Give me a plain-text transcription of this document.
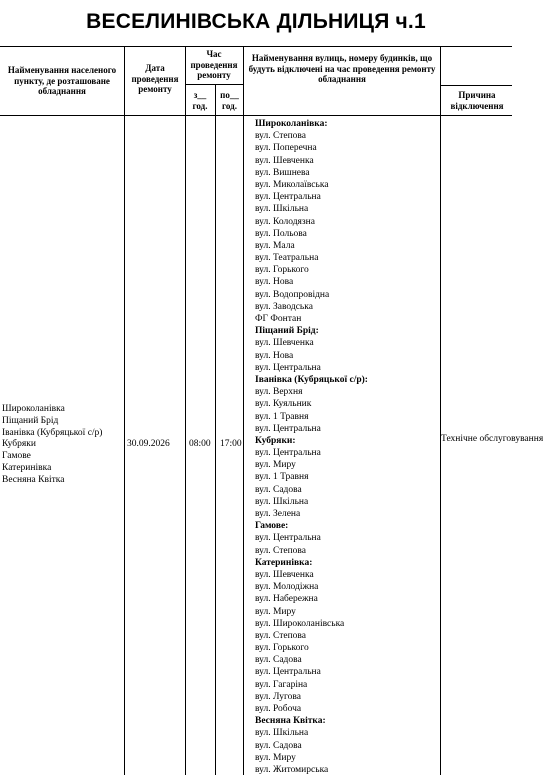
ВЕСЕЛИНІВСЬКА ДІЛЬНИЦЯ ч.1
Найменування населеного пункту, де розташоване обладнання
Дата проведення ремонту
Час проведення ремонту
з__ год.
по__ год.
Найменування вулиць, номеру будинків, що будуть відключені на час проведення ремонту обладнання
Причина відключення
Широколанівка
Піщаний Брід
Іванівка (Кубряцької с/р)
Кубряки
Гамове
Катеринівка
Весняна Квітка
30.09.2026 08:00 17:00	Технічне обслуговування
Широколанівка:
вул. Степова
вул. Поперечна
вул. Шевченка
вул. Вишнева
вул. Миколаївська
вул. Центральна
вул. Шкільна
вул. Колодязна
вул. Польова
вул. Мала
вул. Театральна
вул. Горького
вул. Нова
вул. Водопровідна
вул. Заводська
ФГ Фонтан
Піщаний Брід:
вул. Шевченка
вул. Нова
вул. Центральна
Іванівка (Кубряцької с/р):
вул. Верхня
вул. Куяльник
вул. 1 Травня
вул. Центральна
Кубряки:
вул. Центральна
вул. Миру
вул. 1 Травня
вул. Садова
вул. Шкільна
вул. Зелена
Гамове:
вул. Центральна
вул. Степова
Катеринівка:
вул. Шевченка
вул. Молодіжна
вул. Набережна
вул. Миру
вул. Широколанівська
вул. Степова
вул. Горького
вул. Садова
вул. Центральна
вул. Гагаріна
вул. Лугова
вул. Робоча
Весняна Квітка:
вул. Шкільна
вул. Садова
вул. Миру
вул. Житомирська
